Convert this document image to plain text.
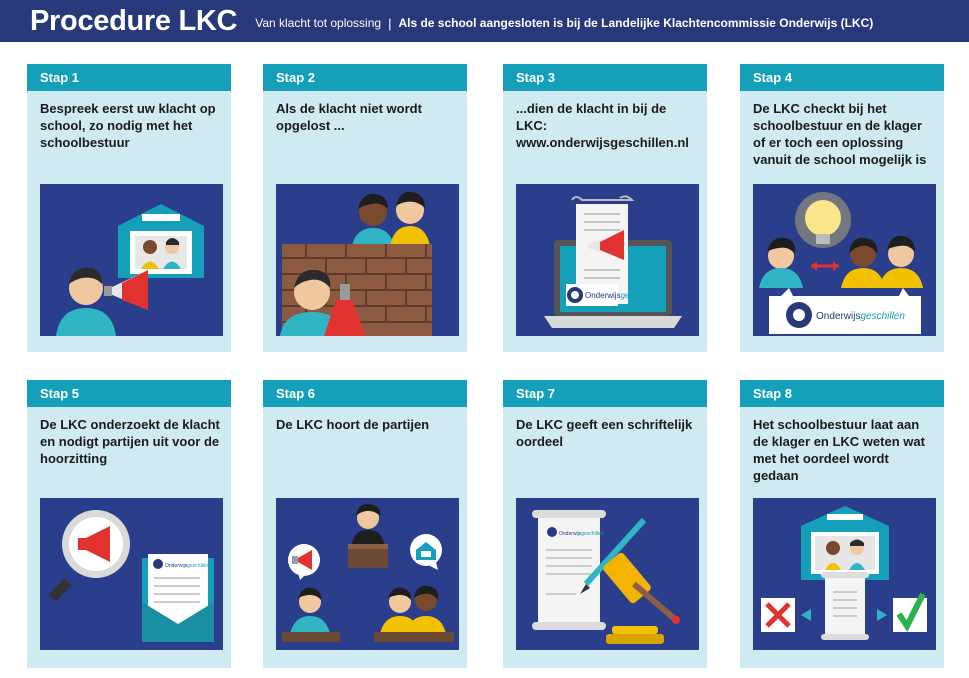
Procedure LKC Van klacht tot oplossing | Als de school aangesloten is bij de Landelijke Klachtencommissie Onderwijs (LKC)
Stap 1
Bespreek eerst uw klacht op school, zo nodig met het schoolbestuur
Stap 2
Als de klacht niet wordt opgelost ...
Stap 3
...dien de klacht in bij de LKC: www.onderwijsgeschillen.nl
Onderwijsgeschillen
Stap 4
De LKC checkt bij het schoolbestuur en de klager of er toch een oplossing vanuit de school mogelijk is
Onderwijsgeschillen
Stap 5
De LKC onderzoekt de klacht en nodigt partijen uit voor de hoorzitting
Onderwijsgeschillen
Stap 6
De LKC hoort de partijen
Stap 7
De LKC geeft een schriftelijk oordeel
Onderwijsgeschillen
Stap 8
Het schoolbestuur laat aan de klager en LKC weten wat met het oordeel wordt gedaan
